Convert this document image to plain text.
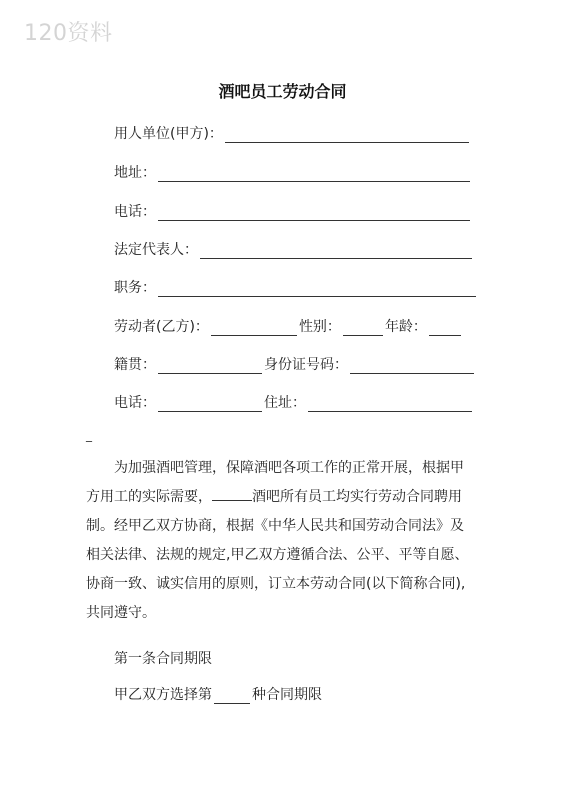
120资料
酒吧员工劳动合同
用人单位(甲方)：
地址：
电话：
法定代表人：
职务：
劳动者(乙方)：	性别：	年龄：
籍贯：	身份证号码：
电话：	住址：
_
为加强酒吧管理，保障酒吧各项工作的正常开展，根据甲
方用工的实际需要，	酒吧所有员工均实行劳动合同聘用
制。经甲乙双方协商，根据《中华人民共和国劳动合同法》及
相关法律、法规的规定,甲乙双方遵循合法、公平、平等自愿、
协商一致、诚实信用的原则，订立本劳动合同(以下简称合同),
共同遵守。
第一条合同期限
甲乙双方选择第	种合同期限
